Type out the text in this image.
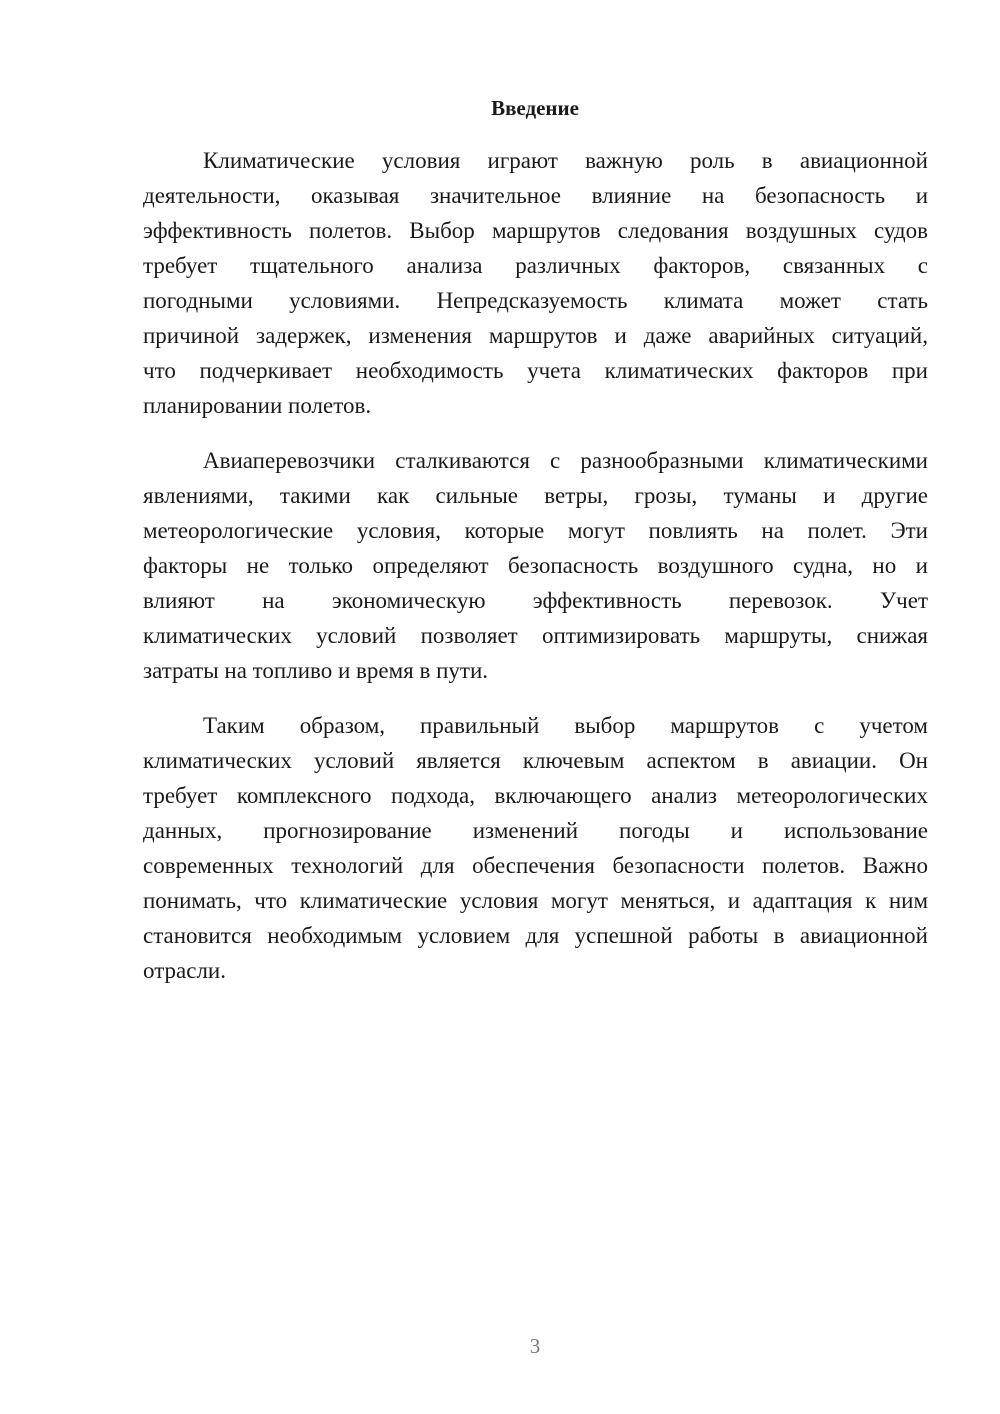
Введение
Климатические условия играют важную роль в авиационной
деятельности, оказывая значительное влияние на безопасность и
эффективность полетов. Выбор маршрутов следования воздушных судов
требует тщательного анализа различных факторов, связанных с
погодными условиями. Непредсказуемость климата может стать
причиной задержек, изменения маршрутов и даже аварийных ситуаций,
что подчеркивает необходимость учета климатических факторов при
планировании полетов.
Авиаперевозчики сталкиваются с разнообразными климатическими
явлениями, такими как сильные ветры, грозы, туманы и другие
метеорологические условия, которые могут повлиять на полет. Эти
факторы не только определяют безопасность воздушного судна, но и
влияют на экономическую эффективность перевозок. Учет
климатических условий позволяет оптимизировать маршруты, снижая
затраты на топливо и время в пути.
Таким образом, правильный выбор маршрутов с учетом
климатических условий является ключевым аспектом в авиации. Он
требует комплексного подхода, включающего анализ метеорологических
данных, прогнозирование изменений погоды и использование
современных технологий для обеспечения безопасности полетов. Важно
понимать, что климатические условия могут меняться, и адаптация к ним
становится необходимым условием для успешной работы в авиационной
отрасли.
3
